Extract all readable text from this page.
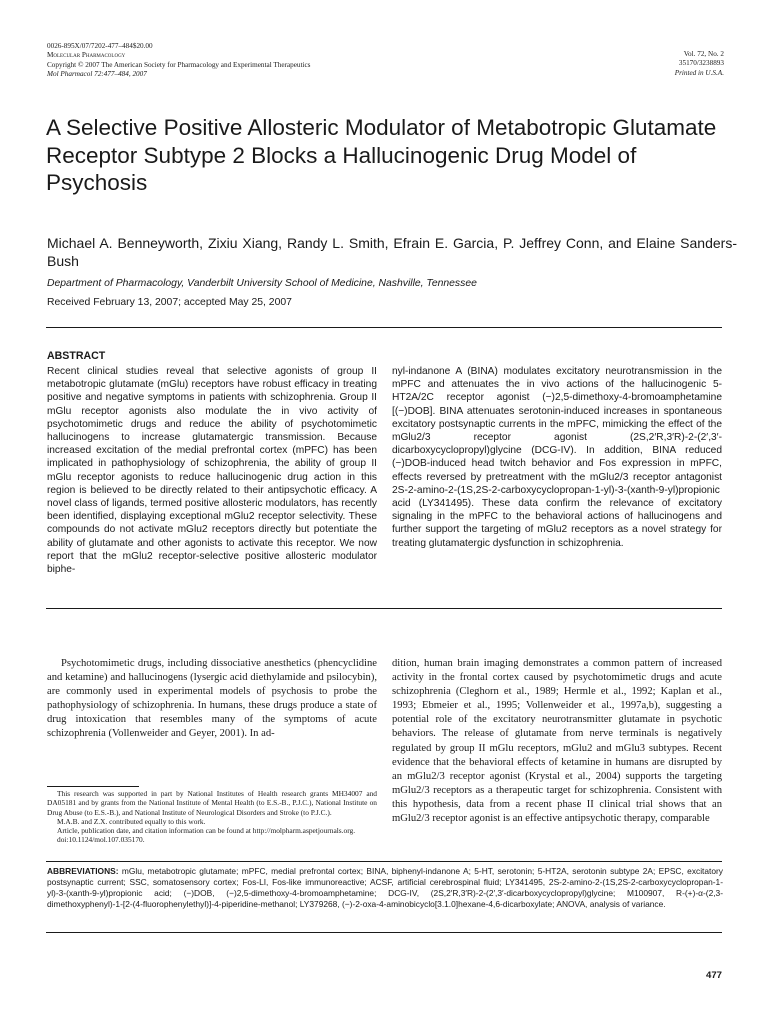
0026-895X/07/7202-477–484$20.00
Molecular Pharmacology
Copyright © 2007 The American Society for Pharmacology and Experimental Therapeutics
Mol Pharmacol 72:477–484, 2007
Vol. 72, No. 2
35170/3238893
Printed in U.S.A.
A Selective Positive Allosteric Modulator of Metabotropic Glutamate Receptor Subtype 2 Blocks a Hallucinogenic Drug Model of Psychosis

Michael A. Benneyworth, Zixiu Xiang, Randy L. Smith, Efrain E. Garcia, P. Jeffrey Conn, and Elaine Sanders-Bush

Department of Pharmacology, Vanderbilt University School of Medicine, Nashville, Tennessee

Received February 13, 2007; accepted May 25, 2007

ABSTRACT

Recent clinical studies reveal that selective agonists of group II metabotropic glutamate (mGlu) receptors have robust efficacy in treating positive and negative symptoms in patients with schizophrenia. Group II mGlu receptor agonists also modulate the in vivo activity of psychotomimetic drugs and reduce the ability of psychotomimetic hallucinogens to increase glutamatergic transmission. Because increased excitation of the medial prefrontal cortex (mPFC) has been implicated in pathophysiology of schizophrenia, the ability of group II mGlu receptor agonists to reduce hallucinogenic drug action in this region is believed to be directly related to their antipsychotic efficacy. A novel class of ligands, termed positive allosteric modulators, has recently been identified, displaying exceptional mGlu2 receptor selectivity. These compounds do not activate mGlu2 receptors directly but potentiate the ability of glutamate and other agonists to activate this receptor. We now report that the mGlu2 receptor-selective positive allosteric modulator biphe-

nyl-indanone A (BINA) modulates excitatory neurotransmission in the mPFC and attenuates the in vivo actions of the hallucinogenic 5-HT2A/2C receptor agonist (−)2,5-dimethoxy-4-bromoamphetamine [(−)DOB]. BINA attenuates serotonin-induced increases in spontaneous excitatory postsynaptic currents in the mPFC, mimicking the effect of the mGlu2/3 receptor agonist (2S,2′R,3′R)-2-(2′,3′-dicarboxycyclopropyl)glycine (DCG-IV). In addition, BINA reduced (−)DOB-induced head twitch behavior and Fos expression in mPFC, effects reversed by pretreatment with the mGlu2/3 receptor antagonist 2S-2-amino-2-(1S,2S-2-carboxycyclopropan-1-yl)-3-(xanth-9-yl)propionic acid (LY341495). These data confirm the relevance of excitatory signaling in the mPFC to the behavioral actions of hallucinogens and further support the targeting of mGlu2 receptors as a novel strategy for treating glutamatergic dysfunction in schizophrenia.

Psychotomimetic drugs, including dissociative anesthetics (phencyclidine and ketamine) and hallucinogens (lysergic acid diethylamide and psilocybin), are commonly used in experimental models of psychosis to probe the pathophysiology of schizophrenia. In humans, these drugs produce a state of drug intoxication that resembles many of the symptoms of acute schizophrenia (Vollenweider and Geyer, 2001). In ad-

dition, human brain imaging demonstrates a common pattern of increased activity in the frontal cortex caused by psychotomimetic drugs and acute schizophrenia (Cleghorn et al., 1989; Hermle et al., 1992; Kaplan et al., 1993; Ebmeier et al., 1995; Vollenweider et al., 1997a,b), suggesting a potential role of the excitatory neurotransmitter glutamate in psychotic behaviors. The release of glutamate from nerve terminals is negatively regulated by group II mGlu receptors, mGlu2 and mGlu3 subtypes. Recent evidence that the behavioral effects of ketamine in humans are disrupted by an mGlu2/3 receptor agonist (Krystal et al., 2004) supports the targeting mGlu2/3 receptors as a therapeutic target for schizophrenia. Consistent with this hypothesis, data from a recent phase II clinical trial shows that an mGlu2/3 receptor agonist is an effective antipsychotic therapy, comparable

This research was supported in part by National Institutes of Health research grants MH34007 and DA05181 and by grants from the National Institute of Mental Health (to E.S.-B., P.J.C.), National Institute on Drug Abuse (to E.S.-B.), and National Institute of Neurological Disorders and Stroke (to P.J.C.).

M.A.B. and Z.X. contributed equally to this work.

Article, publication date, and citation information can be found at http://molpharm.aspetjournals.org.

doi:10.1124/mol.107.035170.

ABBREVIATIONS: mGlu, metabotropic glutamate; mPFC, medial prefrontal cortex; BINA, biphenyl-indanone A; 5-HT, serotonin; 5-HT2A, serotonin subtype 2A; EPSC, excitatory postsynaptic current; SSC, somatosensory cortex; Fos-LI, Fos-like immunoreactive; ACSF, artificial cerebrospinal fluid; LY341495, 2S-2-amino-2-(1S,2S-2-carboxycyclopropan-1-yl)-3-(xanth-9-yl)propionic acid; (−)DOB, (−)2,5-dimethoxy-4-bromoamphetamine; DCG-IV, (2S,2′R,3′R)-2-(2′,3′-dicarboxycyclopropyl)glycine; M100907, R-(+)-α-(2,3-dimethoxyphenyl)-1-[2-(4-fluorophenylethyl)]-4-piperidine-methanol; LY379268, (−)-2-oxa-4-aminobicyclo[3.1.0]hexane-4,6-dicarboxylate; ANOVA, analysis of variance.

477
